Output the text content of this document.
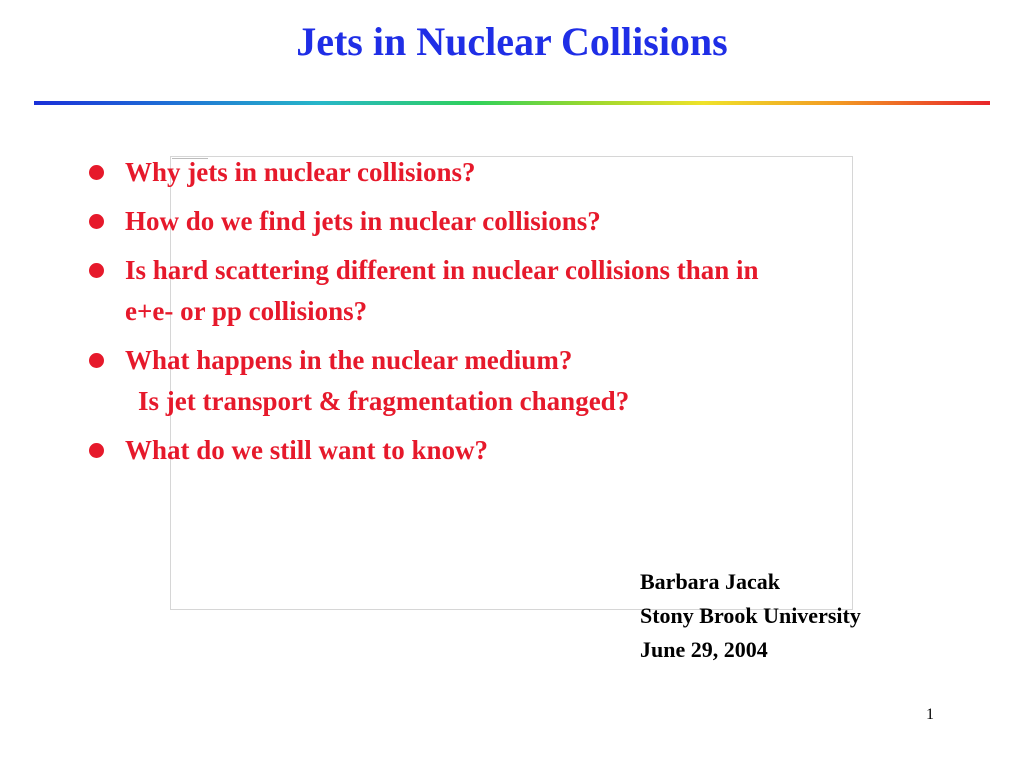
Jets in Nuclear Collisions
Why jets in nuclear collisions?
How do we find jets in nuclear collisions?
Is hard scattering different in nuclear collisions than in
e+e- or pp collisions?
What happens in the nuclear medium?
Is jet transport & fragmentation changed?
What do we still want to know?
Barbara Jacak
Stony Brook University
June 29, 2004
1
